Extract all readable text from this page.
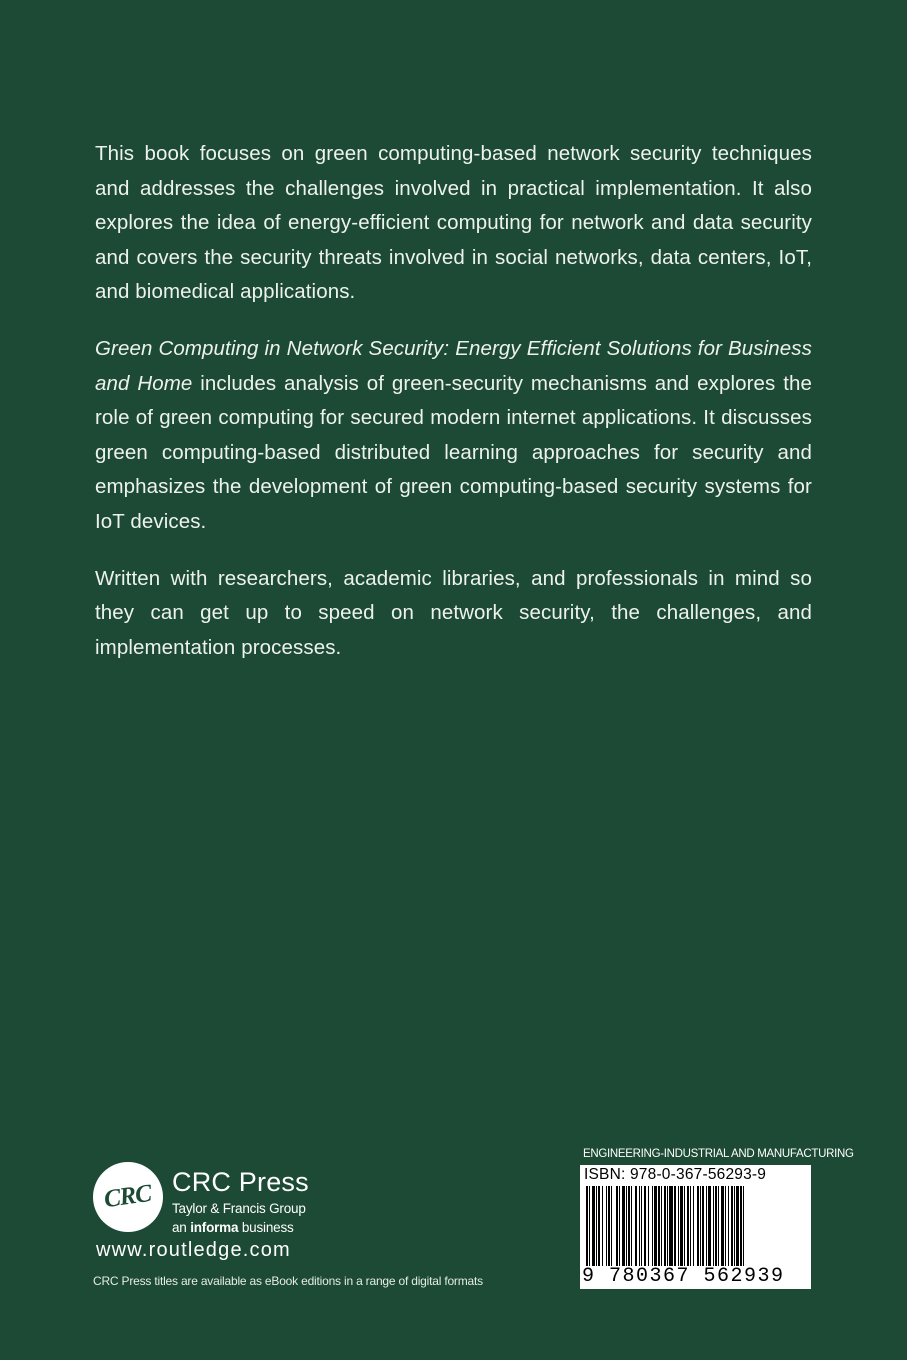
This book focuses on green computing-based network security techniques and addresses the challenges involved in practical implementation. It also explores the idea of energy-efficient computing for network and data security and covers the security threats involved in social networks, data centers, IoT, and biomedical applications.

Green Computing in Network Security: Energy Efficient Solutions for Business and Home includes analysis of green-security mechanisms and explores the role of green computing for secured modern internet applications. It discusses green computing-based distributed learning approaches for security and emphasizes the development of green computing-based security systems for IoT devices.

Written with researchers, academic libraries, and professionals in mind so they can get up to speed on network security, the challenges, and implementation processes.

CRC CRC Press
Taylor & Francis Group
an informa business
www.routledge.com
CRC Press titles are available as eBook editions in a range of digital formats
ENGINEERING-INDUSTRIAL AND MANUFACTURING
ISBN: 978-0-367-56293-9
9 780367 562939
